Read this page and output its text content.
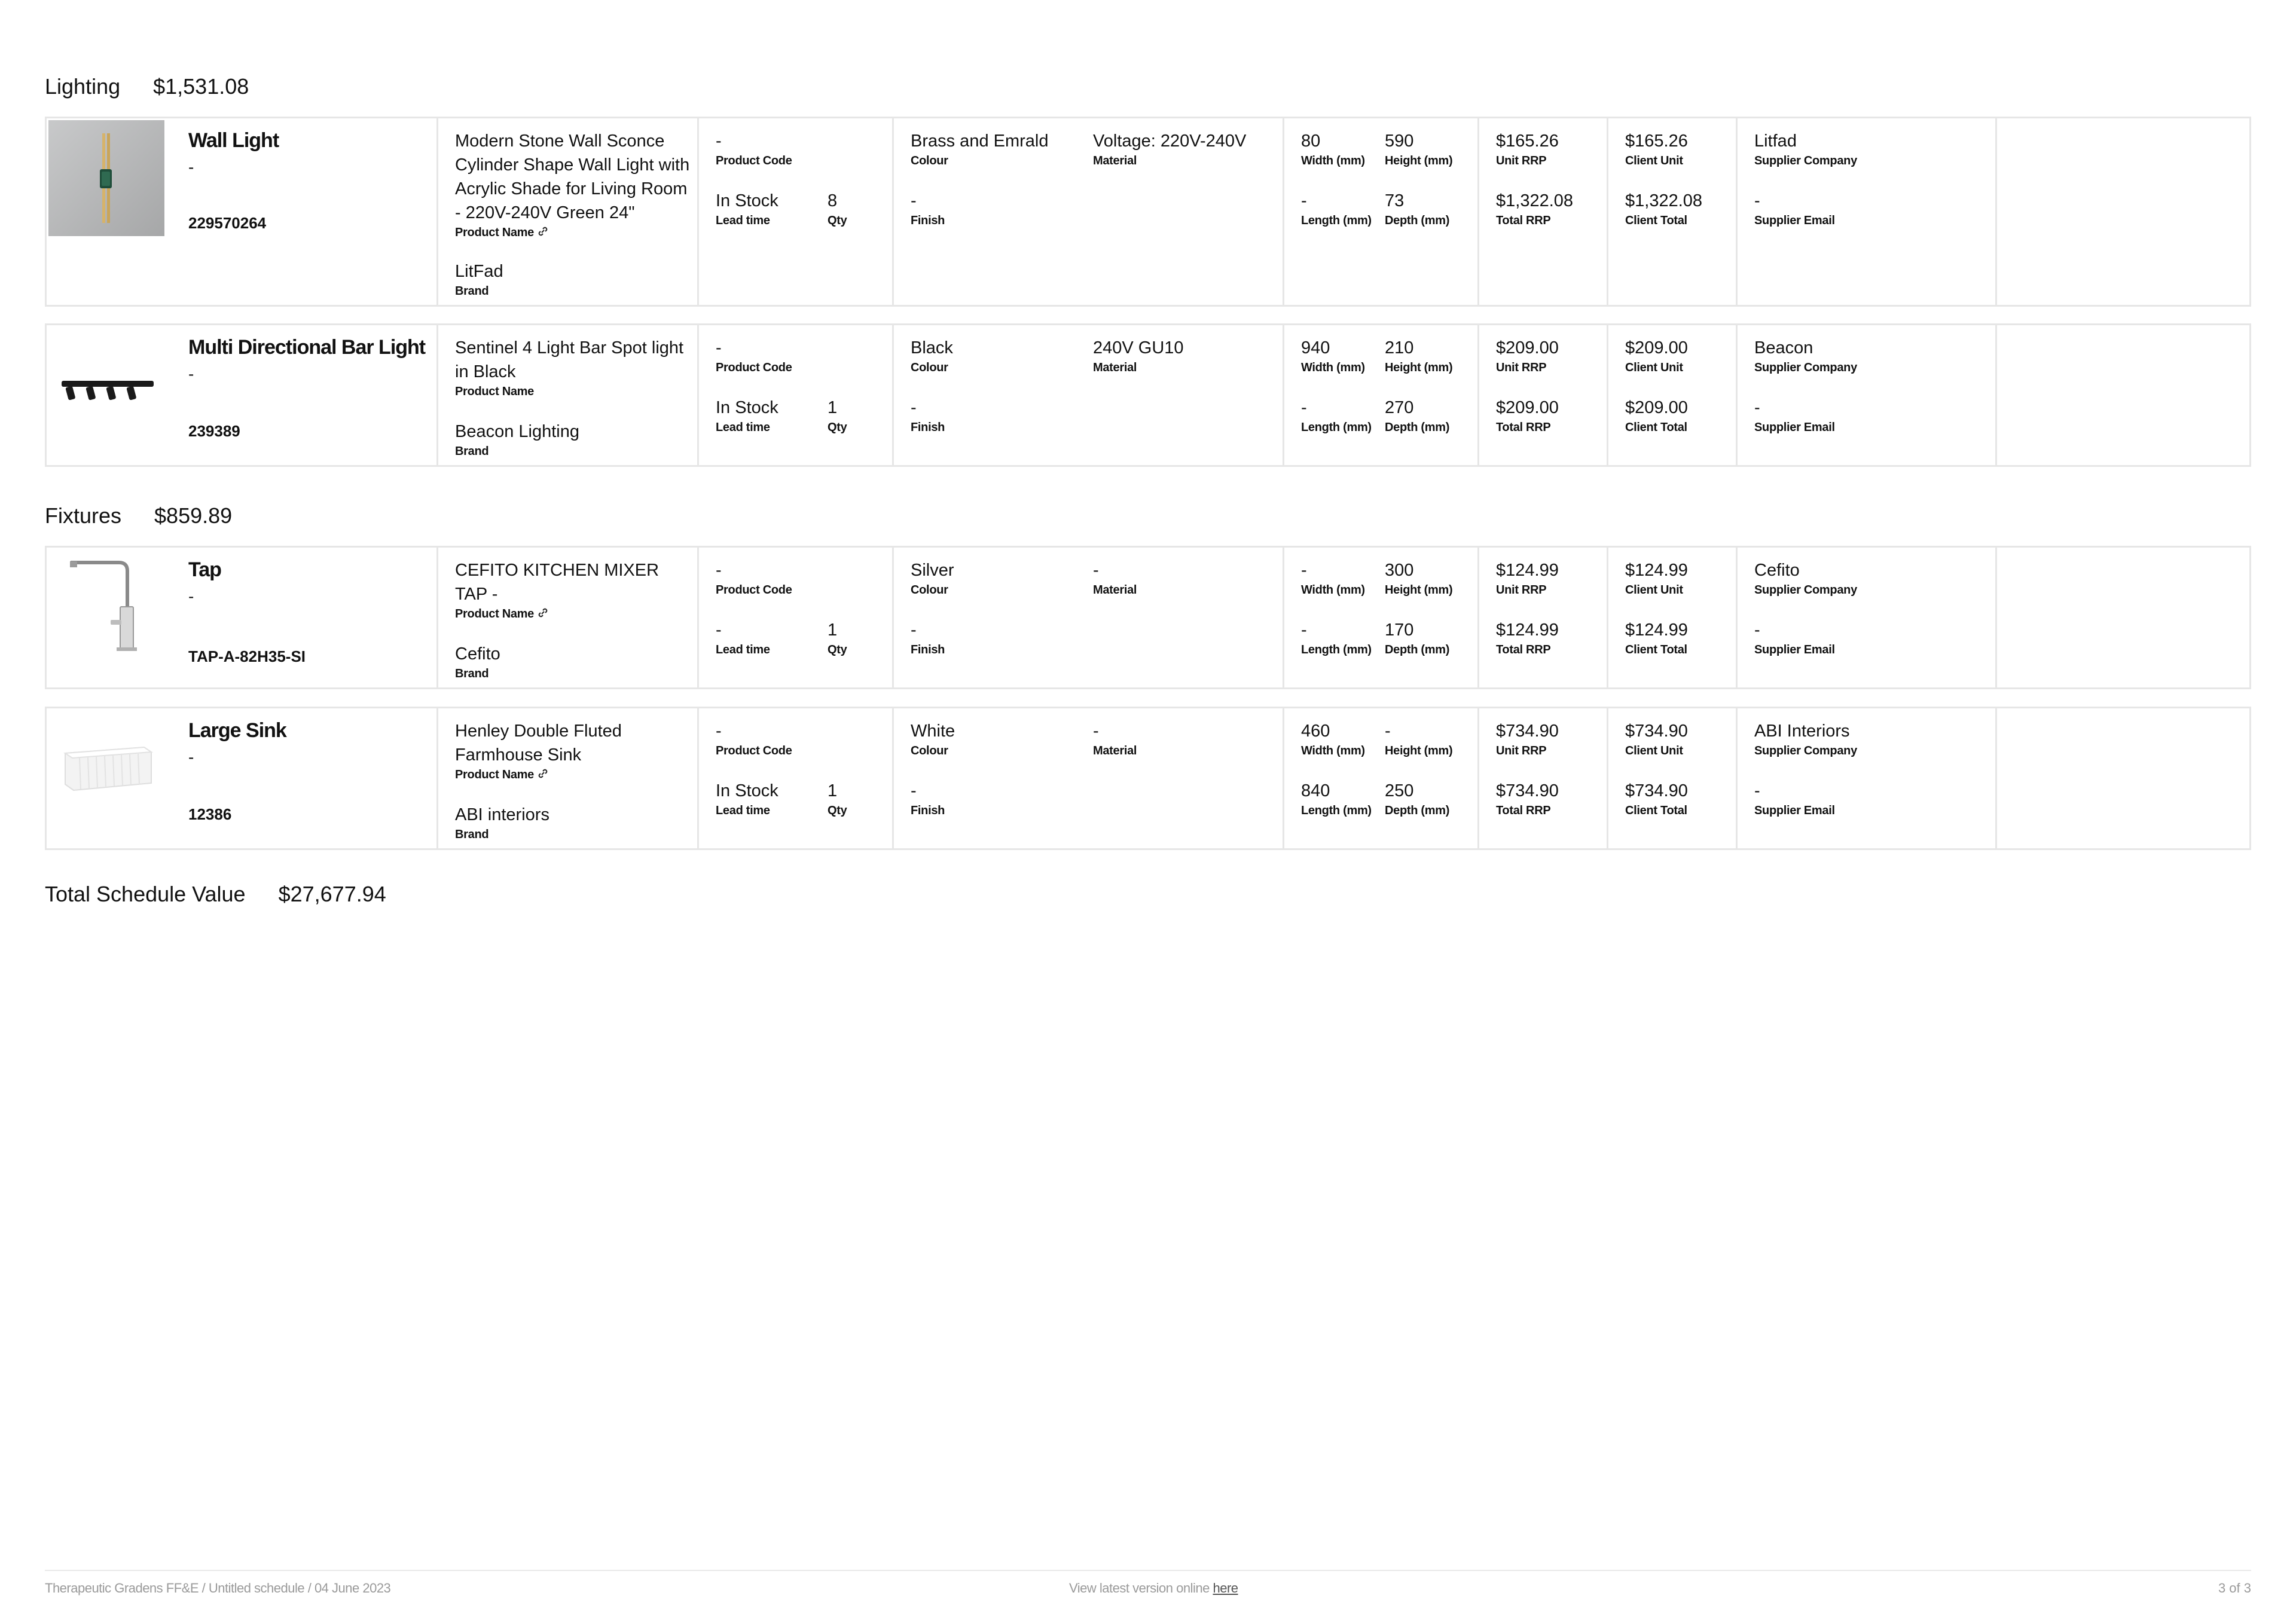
Lighting $1,531.08
Wall Light
-
229570264
Modern Stone Wall Sconce Cylinder Shape Wall Light with Acrylic Shade for Living Room - 220V-240V Green 24"
Product Name
LitFad
Brand
-
Product Code
In Stock
Lead time
8
Qty
Brass and Emrald
Colour
Voltage: 220V-240V
Material
-
Finish
80
Width (mm)
590
Height (mm)
-
Length (mm)
73
Depth (mm)
$165.26
Unit RRP
$1,322.08
Total RRP
$165.26
Client Unit
$1,322.08
Client Total
Litfad
Supplier Company
-
Supplier Email
Multi Directional Bar Light
-
239389
Sentinel 4 Light Bar Spot light in Black
Product Name
Beacon Lighting
Brand
-
Product Code
In Stock
Lead time
1
Qty
Black
Colour
240V GU10
Material
-
Finish
940
Width (mm)
210
Height (mm)
-
Length (mm)
270
Depth (mm)
$209.00
Unit RRP
$209.00
Total RRP
$209.00
Client Unit
$209.00
Client Total
Beacon
Supplier Company
-
Supplier Email
Fixtures $859.89
Tap
-
TAP-A-82H35-SI
CEFITO KITCHEN MIXER TAP -
Product Name
Cefito
Brand
-
Product Code
-
Lead time
1
Qty
Silver
Colour
-
Material
-
Finish
-
Width (mm)
300
Height (mm)
-
Length (mm)
170
Depth (mm)
$124.99
Unit RRP
$124.99
Total RRP
$124.99
Client Unit
$124.99
Client Total
Cefito
Supplier Company
-
Supplier Email
Large Sink
-
12386
Henley Double Fluted Farmhouse Sink
Product Name
ABI interiors
Brand
-
Product Code
In Stock
Lead time
1
Qty
White
Colour
-
Material
-
Finish
460
Width (mm)
-
Height (mm)
840
Length (mm)
250
Depth (mm)
$734.90
Unit RRP
$734.90
Total RRP
$734.90
Client Unit
$734.90
Client Total
ABI Interiors
Supplier Company
-
Supplier Email
Total Schedule Value $27,677.94
Therapeutic Gradens FF&E / Untitled schedule / 04 June 2023	View latest version online here	3 of 3
